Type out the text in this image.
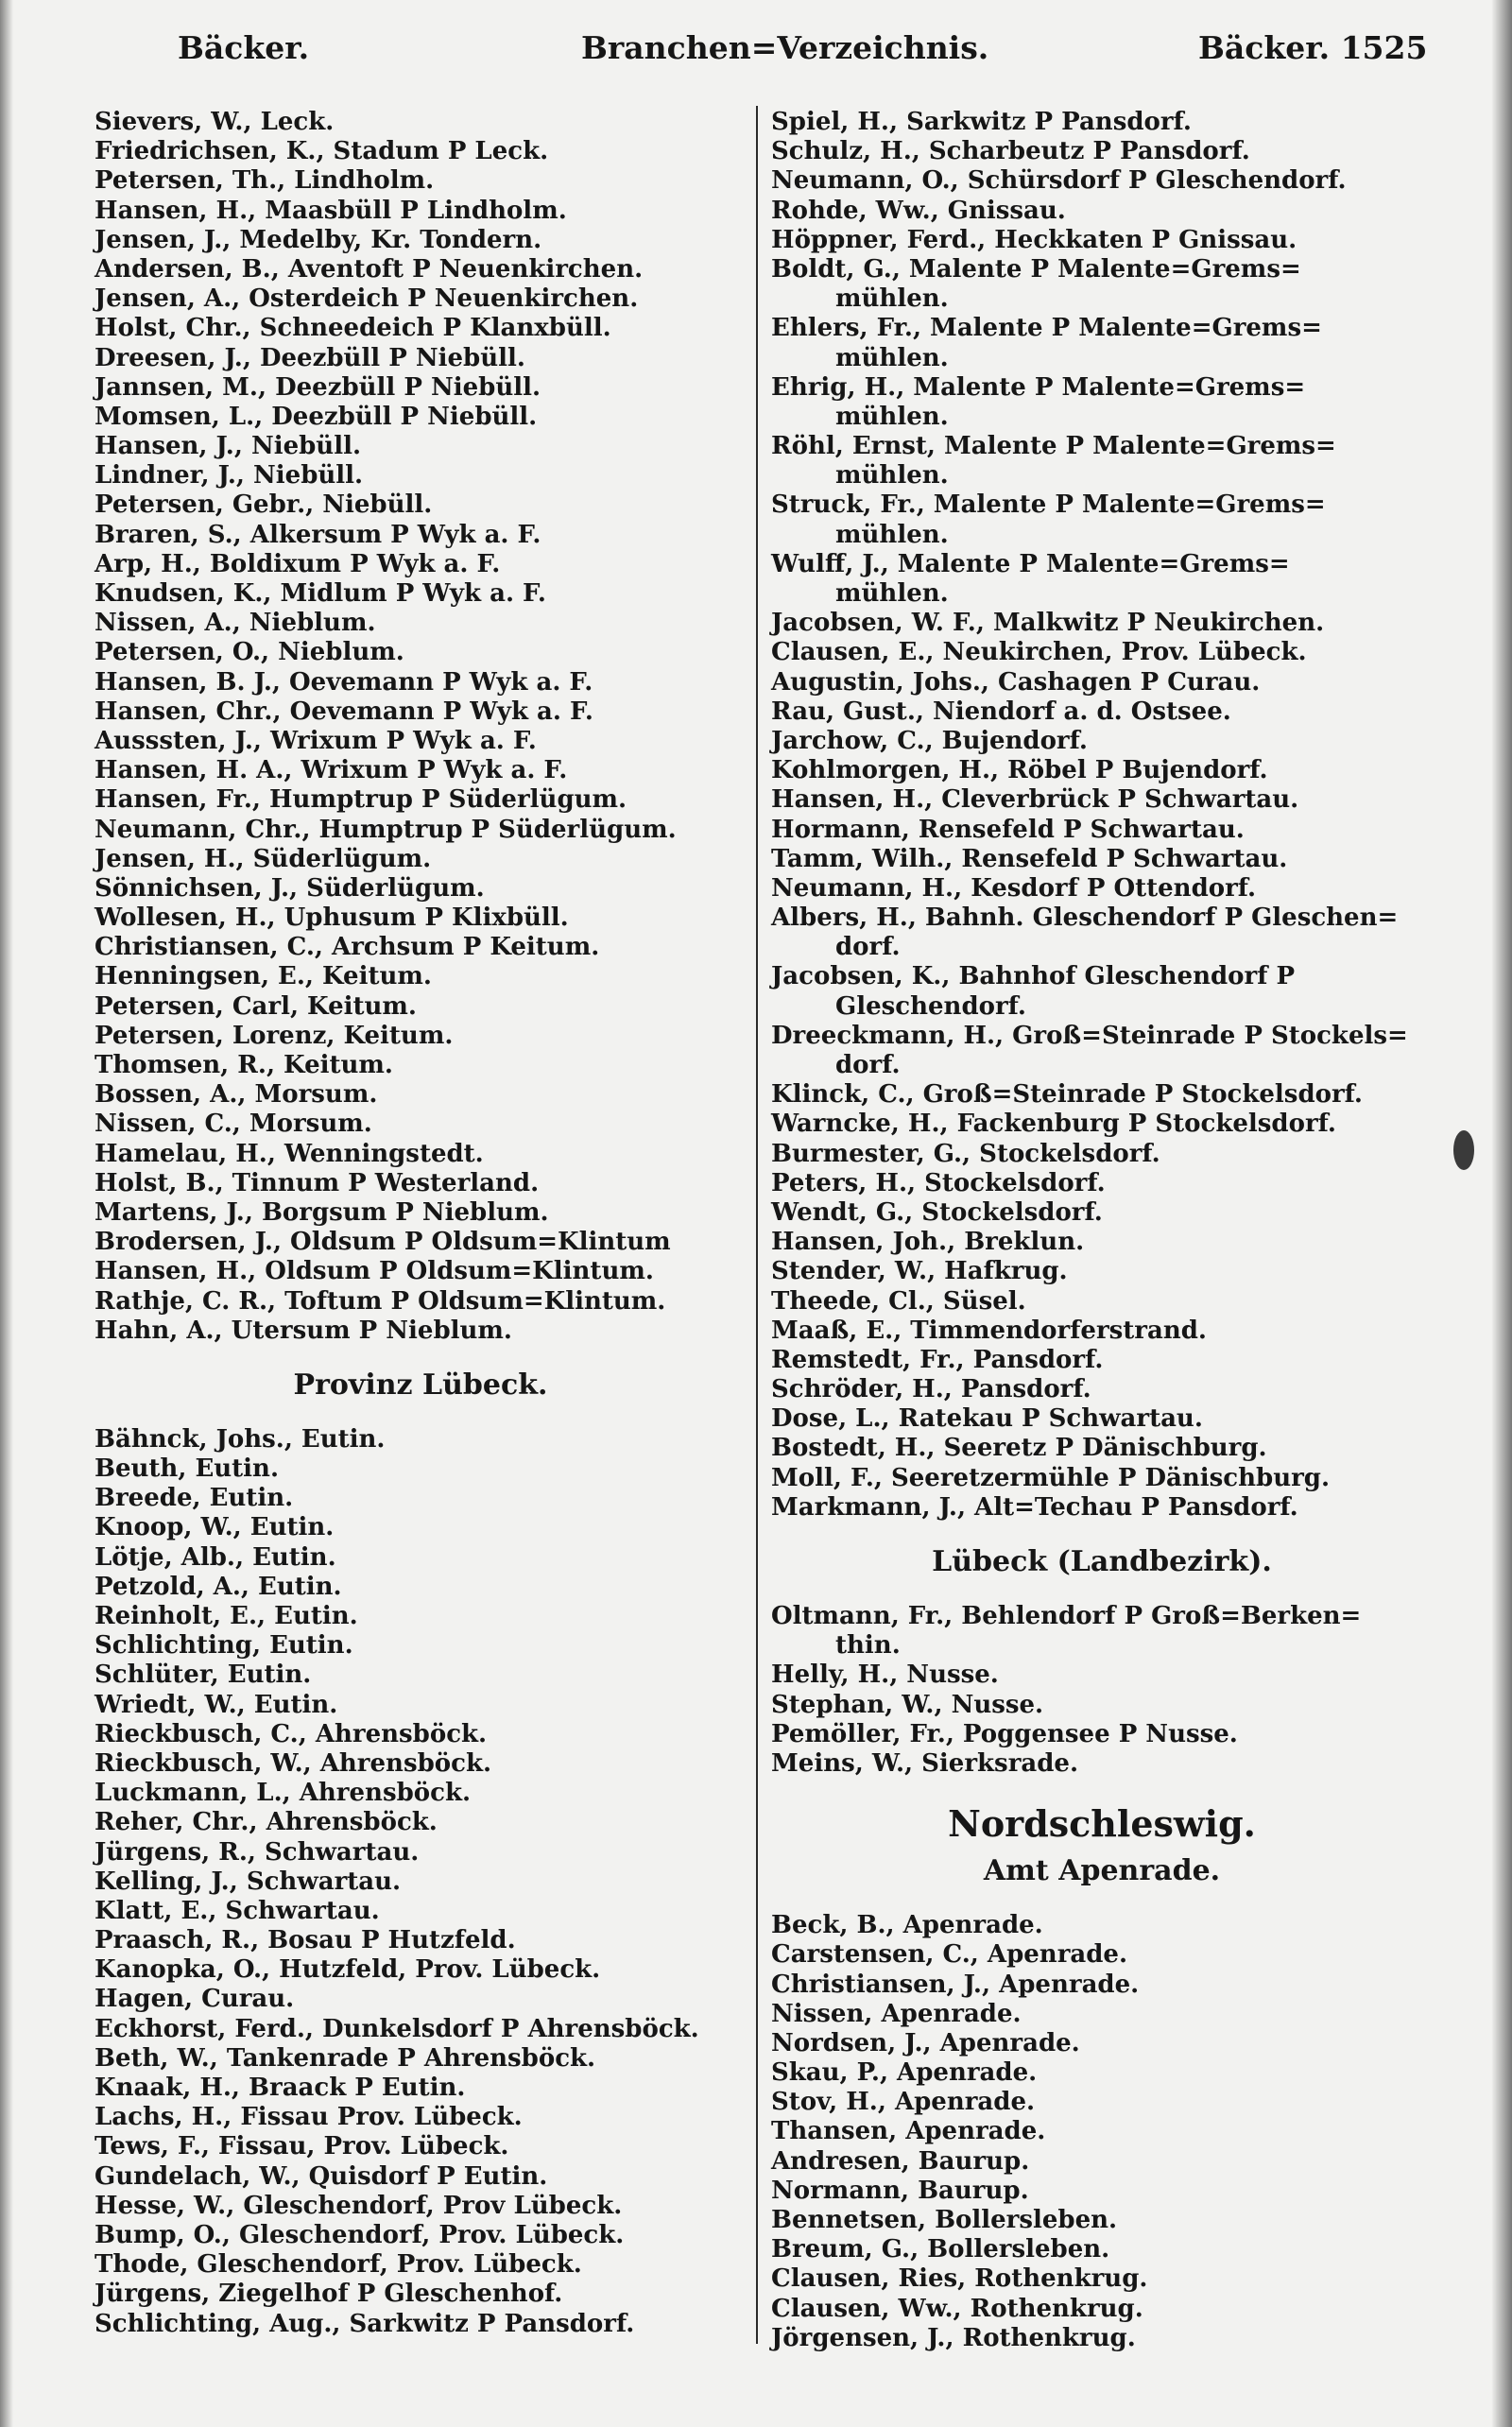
Bäcker.	Branchen=Verzeichnis.	Bäcker. 1525
Sievers, W., Leck.
Friedrichsen, K., Stadum P Leck.
Petersen, Th., Lindholm.
Hansen, H., Maasbüll P Lindholm.
Jensen, J., Medelby, Kr. Tondern.
Andersen, B., Aventoft P Neuenkirchen.
Jensen, A., Osterdeich P Neuenkirchen.
Holst, Chr., Schneedeich P Klanxbüll.
Dreesen, J., Deezbüll P Niebüll.
Jannsen, M., Deezbüll P Niebüll.
Momsen, L., Deezbüll P Niebüll.
Hansen, J., Niebüll.
Lindner, J., Niebüll.
Petersen, Gebr., Niebüll.
Braren, S., Alkersum P Wyk a. F.
Arp, H., Boldixum P Wyk a. F.
Knudsen, K., Midlum P Wyk a. F.
Nissen, A., Nieblum.
Petersen, O., Nieblum.
Hansen, B. J., Oevemann P Wyk a. F.
Hansen, Chr., Oevemann P Wyk a. F.
Ausssten, J., Wrixum P Wyk a. F.
Hansen, H. A., Wrixum P Wyk a. F.
Hansen, Fr., Humptrup P Süderlügum.
Neumann, Chr., Humptrup P Süderlügum.
Jensen, H., Süderlügum.
Sönnichsen, J., Süderlügum.
Wollesen, H., Uphusum P Klixbüll.
Christiansen, C., Archsum P Keitum.
Henningsen, E., Keitum.
Petersen, Carl, Keitum.
Petersen, Lorenz, Keitum.
Thomsen, R., Keitum.
Bossen, A., Morsum.
Nissen, C., Morsum.
Hamelau, H., Wenningstedt.
Holst, B., Tinnum P Westerland.
Martens, J., Borgsum P Nieblum.
Brodersen, J., Oldsum P Oldsum=Klintum
Hansen, H., Oldsum P Oldsum=Klintum.
Rathje, C. R., Toftum P Oldsum=Klintum.
Hahn, A., Utersum P Nieblum.
Provinz Lübeck.
Bähnck, Johs., Eutin.
Beuth, Eutin.
Breede, Eutin.
Knoop, W., Eutin.
Lötje, Alb., Eutin.
Petzold, A., Eutin.
Reinholt, E., Eutin.
Schlichting, Eutin.
Schlüter, Eutin.
Wriedt, W., Eutin.
Rieckbusch, C., Ahrensböck.
Rieckbusch, W., Ahrensböck.
Luckmann, L., Ahrensböck.
Reher, Chr., Ahrensböck.
Jürgens, R., Schwartau.
Kelling, J., Schwartau.
Klatt, E., Schwartau.
Praasch, R., Bosau P Hutzfeld.
Kanopka, O., Hutzfeld, Prov. Lübeck.
Hagen, Curau.
Eckhorst, Ferd., Dunkelsdorf P Ahrensböck.
Beth, W., Tankenrade P Ahrensböck.
Knaak, H., Braack P Eutin.
Lachs, H., Fissau Prov. Lübeck.
Tews, F., Fissau, Prov. Lübeck.
Gundelach, W., Quisdorf P Eutin.
Hesse, W., Gleschendorf, Prov Lübeck.
Bump, O., Gleschendorf, Prov. Lübeck.
Thode, Gleschendorf, Prov. Lübeck.
Jürgens, Ziegelhof P Gleschenhof.
Schlichting, Aug., Sarkwitz P Pansdorf.
Spiel, H., Sarkwitz P Pansdorf.
Schulz, H., Scharbeutz P Pansdorf.
Neumann, O., Schürsdorf P Gleschendorf.
Rohde, Ww., Gnissau.
Höppner, Ferd., Heckkaten P Gnissau.
Boldt, G., Malente P Malente=Grems=
mühlen.
Ehlers, Fr., Malente P Malente=Grems=
mühlen.
Ehrig, H., Malente P Malente=Grems=
mühlen.
Röhl, Ernst, Malente P Malente=Grems=
mühlen.
Struck, Fr., Malente P Malente=Grems=
mühlen.
Wulff, J., Malente P Malente=Grems=
mühlen.
Jacobsen, W. F., Malkwitz P Neukirchen.
Clausen, E., Neukirchen, Prov. Lübeck.
Augustin, Johs., Cashagen P Curau.
Rau, Gust., Niendorf a. d. Ostsee.
Jarchow, C., Bujendorf.
Kohlmorgen, H., Röbel P Bujendorf.
Hansen, H., Cleverbrück P Schwartau.
Hormann, Rensefeld P Schwartau.
Tamm, Wilh., Rensefeld P Schwartau.
Neumann, H., Kesdorf P Ottendorf.
Albers, H., Bahnh. Gleschendorf P Gleschen=
dorf.
Jacobsen, K., Bahnhof Gleschendorf P
Gleschendorf.
Dreeckmann, H., Groß=Steinrade P Stockels=
dorf.
Klinck, C., Groß=Steinrade P Stockelsdorf.
Warncke, H., Fackenburg P Stockelsdorf.
Burmester, G., Stockelsdorf.
Peters, H., Stockelsdorf.
Wendt, G., Stockelsdorf.
Hansen, Joh., Breklun.
Stender, W., Hafkrug.
Theede, Cl., Süsel.
Maaß, E., Timmendorferstrand.
Remstedt, Fr., Pansdorf.
Schröder, H., Pansdorf.
Dose, L., Ratekau P Schwartau.
Bostedt, H., Seeretz P Dänischburg.
Moll, F., Seeretzermühle P Dänischburg.
Markmann, J., Alt=Techau P Pansdorf.
Lübeck (Landbezirk).
Oltmann, Fr., Behlendorf P Groß=Berken=
thin.
Helly, H., Nusse.
Stephan, W., Nusse.
Pemöller, Fr., Poggensee P Nusse.
Meins, W., Sierksrade.
Nordschleswig.
Amt Apenrade.
Beck, B., Apenrade.
Carstensen, C., Apenrade.
Christiansen, J., Apenrade.
Nissen, Apenrade.
Nordsen, J., Apenrade.
Skau, P., Apenrade.
Stov, H., Apenrade.
Thansen, Apenrade.
Andresen, Baurup.
Normann, Baurup.
Bennetsen, Bollersleben.
Breum, G., Bollersleben.
Clausen, Ries, Rothenkrug.
Clausen, Ww., Rothenkrug.
Jörgensen, J., Rothenkrug.
